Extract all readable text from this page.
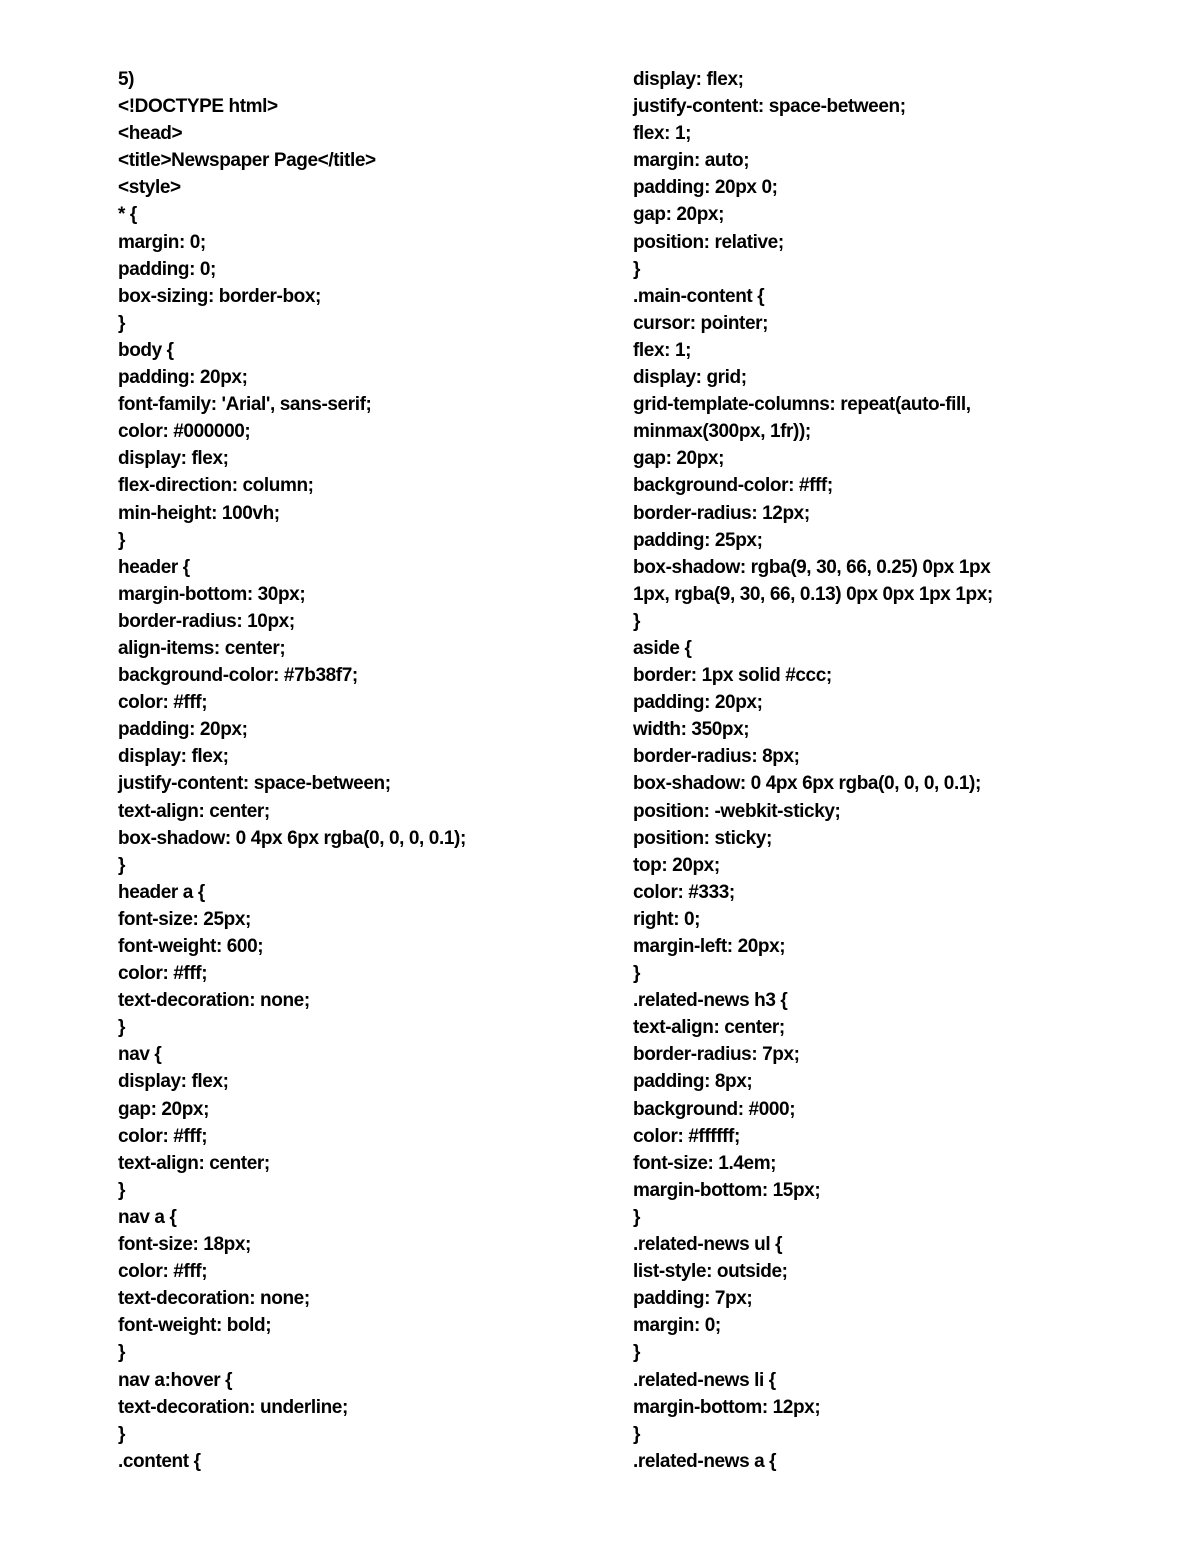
5)
<!DOCTYPE html>
<head>
<title>Newspaper Page</title>
<style>
* {
margin: 0;
padding: 0;
box-sizing: border-box;
}
body {
padding: 20px;
font-family: 'Arial', sans-serif;
color: #000000;
display: flex;
flex-direction: column;
min-height: 100vh;
}
header {
margin-bottom: 30px;
border-radius: 10px;
align-items: center;
background-color: #7b38f7;
color: #fff;
padding: 20px;
display: flex;
justify-content: space-between;
text-align: center;
box-shadow: 0 4px 6px rgba(0, 0, 0, 0.1);
}
header a {
font-size: 25px;
font-weight: 600;
color: #fff;
text-decoration: none;
}
nav {
display: flex;
gap: 20px;
color: #fff;
text-align: center;
}
nav a {
font-size: 18px;
color: #fff;
text-decoration: none;
font-weight: bold;
}
nav a:hover {
text-decoration: underline;
}
.content {
display: flex;
justify-content: space-between;
flex: 1;
margin: auto;
padding: 20px 0;
gap: 20px;
position: relative;
}
.main-content {
cursor: pointer;
flex: 1;
display: grid;
grid-template-columns: repeat(auto-fill,
minmax(300px, 1fr));
gap: 20px;
background-color: #fff;
border-radius: 12px;
padding: 25px;
box-shadow: rgba(9, 30, 66, 0.25) 0px 1px
1px, rgba(9, 30, 66, 0.13) 0px 0px 1px 1px;
}
aside {
border: 1px solid #ccc;
padding: 20px;
width: 350px;
border-radius: 8px;
box-shadow: 0 4px 6px rgba(0, 0, 0, 0.1);
position: -webkit-sticky;
position: sticky;
top: 20px;
color: #333;
right: 0;
margin-left: 20px;
}
.related-news h3 {
text-align: center;
border-radius: 7px;
padding: 8px;
background: #000;
color: #ffffff;
font-size: 1.4em;
margin-bottom: 15px;
}
.related-news ul {
list-style: outside;
padding: 7px;
margin: 0;
}
.related-news li {
margin-bottom: 12px;
}
.related-news a {
